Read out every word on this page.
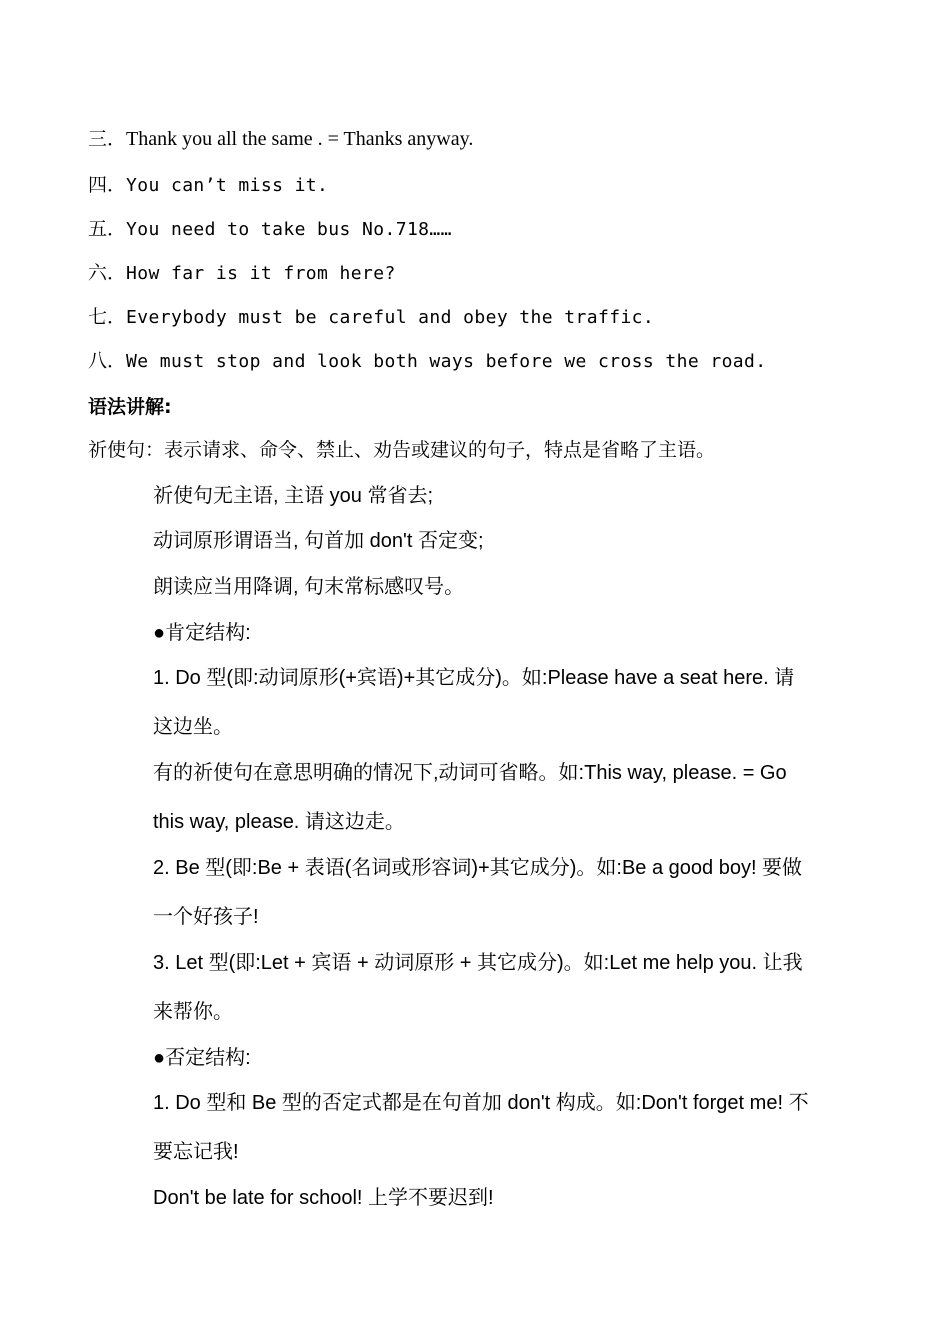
三．Thank you all the same . = Thanks anyway.
四．You can’t miss it.
五．You need to take bus No.718……
六．How far is it from here?
七．Everybody must be careful and obey the traffic.
八．We must stop and look both ways before we cross the road.
语法讲解:
祈使句：表示请求、命令、禁止、劝告或建议的句子，特点是省略了主语。
祈使句无主语, 主语 you 常省去;
动词原形谓语当, 句首加 don't 否定变;
朗读应当用降调, 句末常标感叹号。
●肯定结构:
1. Do 型(即:动词原形(+宾语)+其它成分)。如:Please have a seat here. 请
这边坐。
有的祈使句在意思明确的情况下,动词可省略。如:This way, please. = Go
this way, please. 请这边走。
2. Be 型(即:Be + 表语(名词或形容词)+其它成分)。如:Be a good boy! 要做
一个好孩子!
3. Let 型(即:Let + 宾语 + 动词原形 + 其它成分)。如:Let me help you. 让我
来帮你。
●否定结构:
1. Do 型和 Be 型的否定式都是在句首加 don't 构成。如:Don't forget me! 不
要忘记我!
Don't be late for school! 上学不要迟到!
